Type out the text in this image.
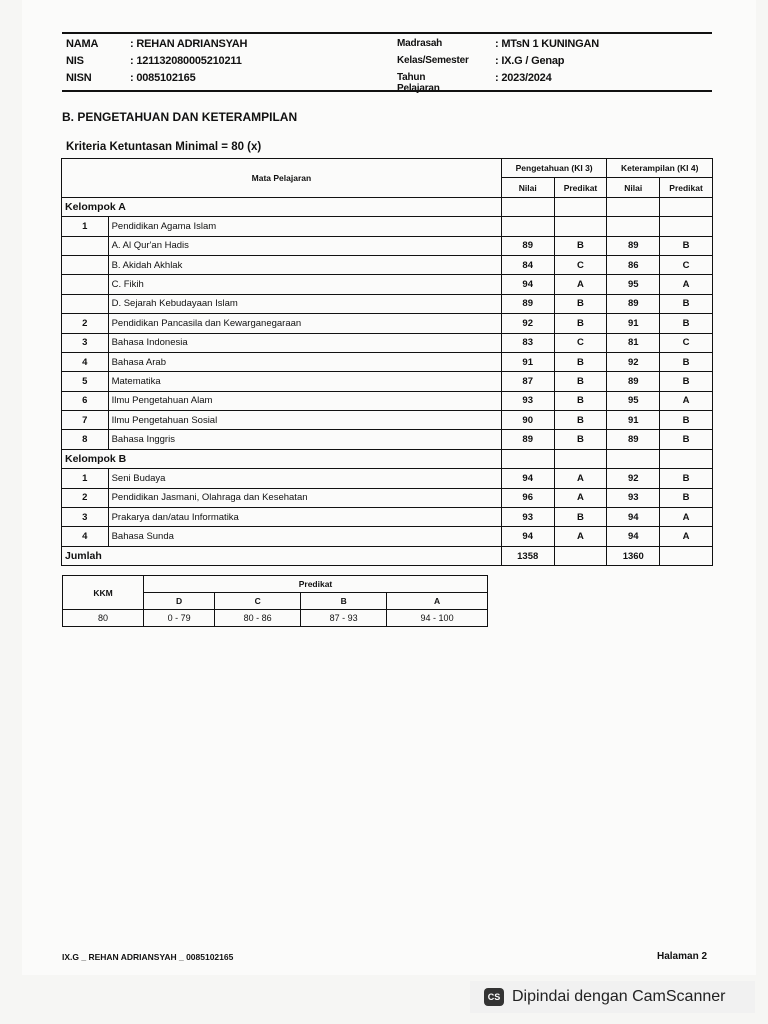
NAMA	: REHAN ADRIANSYAH
NIS	: 121132080005210211
NISN	: 0085102165
Madrasah	: MTsN 1 KUNINGAN
Kelas/Semester : IX.G / Genap
Tahun Pelajaran
: 2023/2024
B. PENGETAHUAN DAN KETERAMPILAN
Kriteria Ketuntasan Minimal = 80 (x)
Mata Pelajaran		Pengetahuan (KI 3)		Keterampilan (KI 4)	
		Nilai	Predikat	Nilai	Predikat
Kelompok A					
1	Pendidikan Agama Islam				
	A. Al Qur'an Hadis	89	B	89	B
	B. Akidah Akhlak	84	C	86	C
	C. Fikih	94	A	95	A
	D. Sejarah Kebudayaan Islam	89	B	89	B
2	Pendidikan Pancasila dan Kewarganegaraan	92	B	91	B
3	Bahasa Indonesia	83	C	81	C
4	Bahasa Arab	91	B	92	B
5	Matematika	87	B	89	B
6	Ilmu Pengetahuan Alam	93	B	95	A
7	Ilmu Pengetahuan Sosial	90	B	91	B
8	Bahasa Inggris	89	B	89	B
Kelompok B					
1	Seni Budaya	94	A	92	B
2	Pendidikan Jasmani, Olahraga dan Kesehatan	96	A	93	B
3	Prakarya dan/atau Informatika	93	B	94	A
4	Bahasa Sunda	94	A	94	A
Jumlah		1358		1360	
KKM	Predikat			
	D	C	B	A
80	0 - 79	80 - 86	87 - 93	94 - 100
IX.G _ REHAN ADRIANSYAH _ 0085102165	Halaman 2
CS Dipindai dengan CamScanner
